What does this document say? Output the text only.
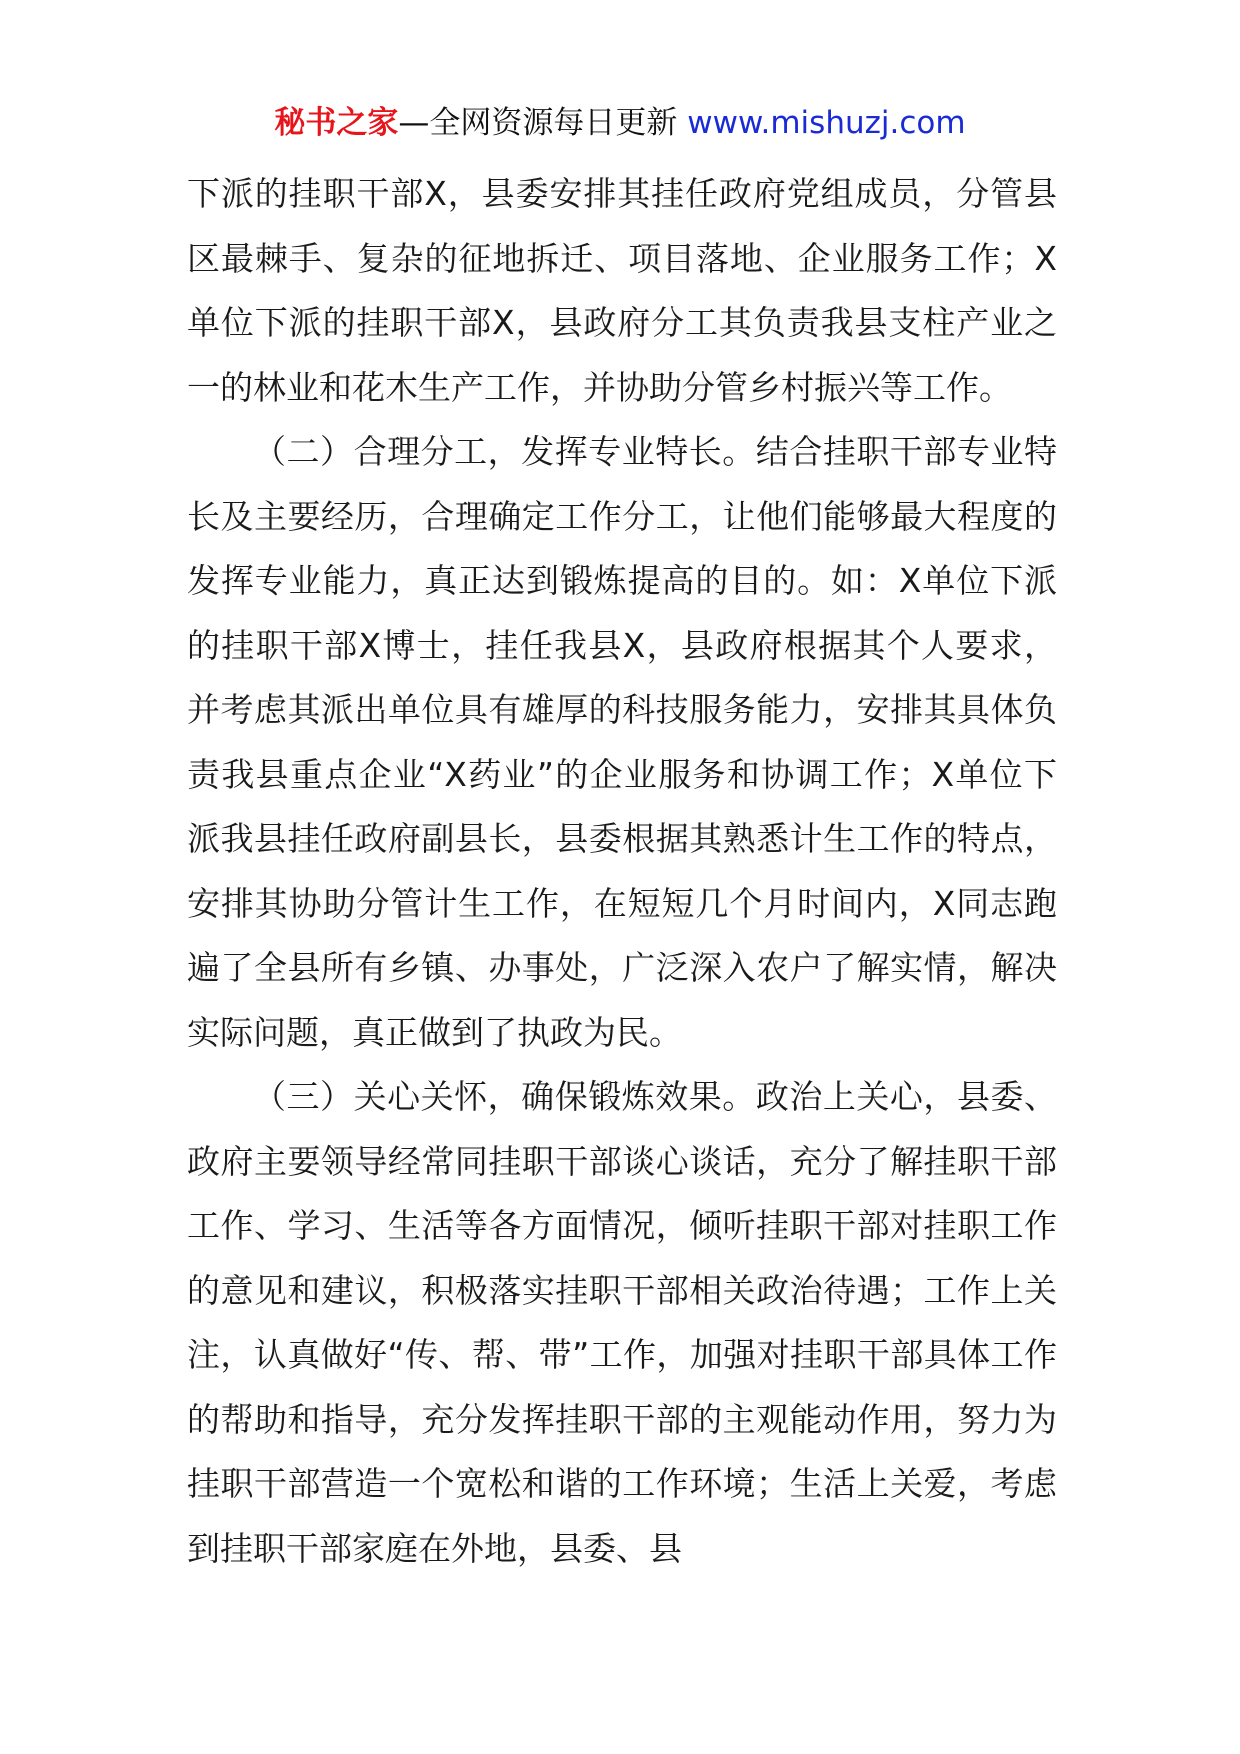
秘书之家—全网资源每日更新 www.mishuzj.com

下派的挂职干部X，县委安排其挂任政府党组成员，分管县区最棘手、复杂的征地拆迁、项目落地、企业服务工作；X单位下派的挂职干部X，县政府分工其负责我县支柱产业之一的林业和花木生产工作，并协助分管乡村振兴等工作。

（二）合理分工，发挥专业特长。结合挂职干部专业特长及主要经历，合理确定工作分工，让他们能够最大程度的发挥专业能力，真正达到锻炼提高的目的。如：X单位下派的挂职干部X博士，挂任我县X，县政府根据其个人要求，并考虑其派出单位具有雄厚的科技服务能力，安排其具体负责我县重点企业“X药业”的企业服务和协调工作；X单位下派我县挂任政府副县长，县委根据其熟悉计生工作的特点，安排其协助分管计生工作，在短短几个月时间内，X同志跑遍了全县所有乡镇、办事处，广泛深入农户了解实情，解决实际问题，真正做到了执政为民。

（三）关心关怀，确保锻炼效果。政治上关心，县委、政府主要领导经常同挂职干部谈心谈话，充分了解挂职干部工作、学习、生活等各方面情况，倾听挂职干部对挂职工作的意见和建议，积极落实挂职干部相关政治待遇；工作上关注，认真做好“传、帮、带”工作，加强对挂职干部具体工作的帮助和指导，充分发挥挂职干部的主观能动作用，努力为挂职干部营造一个宽松和谐的工作环境；生活上关爱，考虑到挂职干部家庭在外地，县委、县
